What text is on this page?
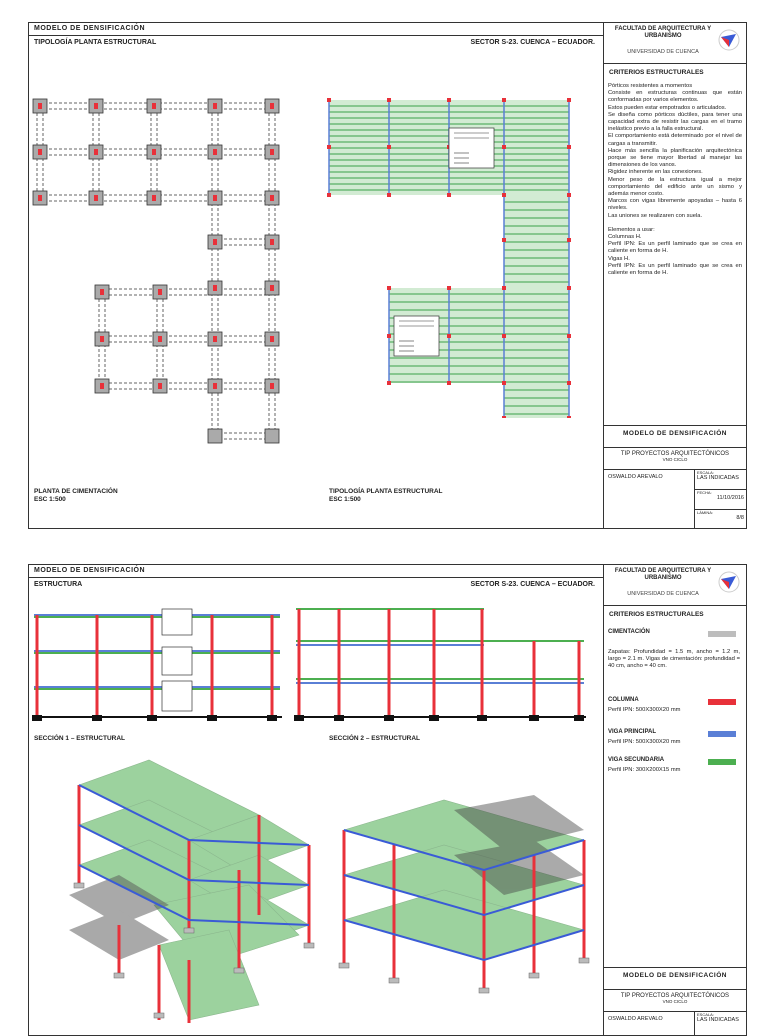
MODELO DE DENSIFICACIÓN
TIPOLOGÍA PLANTA ESTRUCTURAL	SECTOR S-23. CUENCA – ECUADOR.
PLANTA DE CIMENTACIÓN
ESC 1:500
TIPOLOGÍA PLANTA ESTRUCTURAL
ESC 1:500
FACULTAD DE ARQUITECTURA Y URBANISMO
UNIVERSIDAD DE CUENCA
CRITERIOS ESTRUCTURALES

Pórticos resistentes a momentos

Consiste en estructuras continuas que están conformadas por varios elementos.

Estos pueden estar empotrados o articulados.

Se diseña como pórticos dúctiles, para tener una capacidad extra de resistir las cargas en el tramo inelástico previo a la falla estructural.

El comportamiento está determinado por el nivel de cargas a transmitir.

Hace más sencilla la planificación arquitectónica porque se tiene mayor libertad al manejar las dimensiones de los vanos.

Rigidez inherente en las conexiones.

Menor peso de la estructura igual a mejor comportamiento del edificio ante un sismo y además menor costo.

Marcos con vigas libremente apoyadas – hasta 6 niveles.

Las uniones se realizaren con suela.

Elementos a usar:

Columnas H.

Perfil IPN: Es un perfil laminado que se crea en caliente en forma de H.

Vigas H.

Perfil IPN: Es un perfil laminado que se crea en caliente en forma de H.

MODELO DE DENSIFICACIÓN
TIP PROYECTOS ARQUITECTÓNICOS
VNO CICLO
OSWALDO AREVALO
ESCALA:
LAS INDICADAS
FECHA:
11/10/2016
LÁMINA:
8/8
MODELO DE DENSIFICACIÓN
ESTRUCTURA	SECTOR S-23. CUENCA – ECUADOR.
SECCIÓN 1 – ESTRUCTURAL	SECCIÓN 2 – ESTRUCTURAL
FACULTAD DE ARQUITECTURA Y URBANISMO
UNIVERSIDAD DE CUENCA
CRITERIOS ESTRUCTURALES
CIMENTACIÓN
Zapatas: Profundidad = 1.5 m, ancho = 1.2 m, largo = 2.1 m. Vigas de cimentación: profundidad = 40 cm, ancho = 40 cm.
COLUMNA
Perfil IPN: 500X300X20 mm
VIGA PRINCIPAL
Perfil IPN: 500X300X20 mm
VIGA SECUNDARIA
Perfil IPN: 300X200X15 mm
MODELO DE DENSIFICACIÓN
TIP PROYECTOS ARQUITECTÓNICOS
VNO CICLO
OSWALDO AREVALO
ESCALA:
LAS INDICADAS
